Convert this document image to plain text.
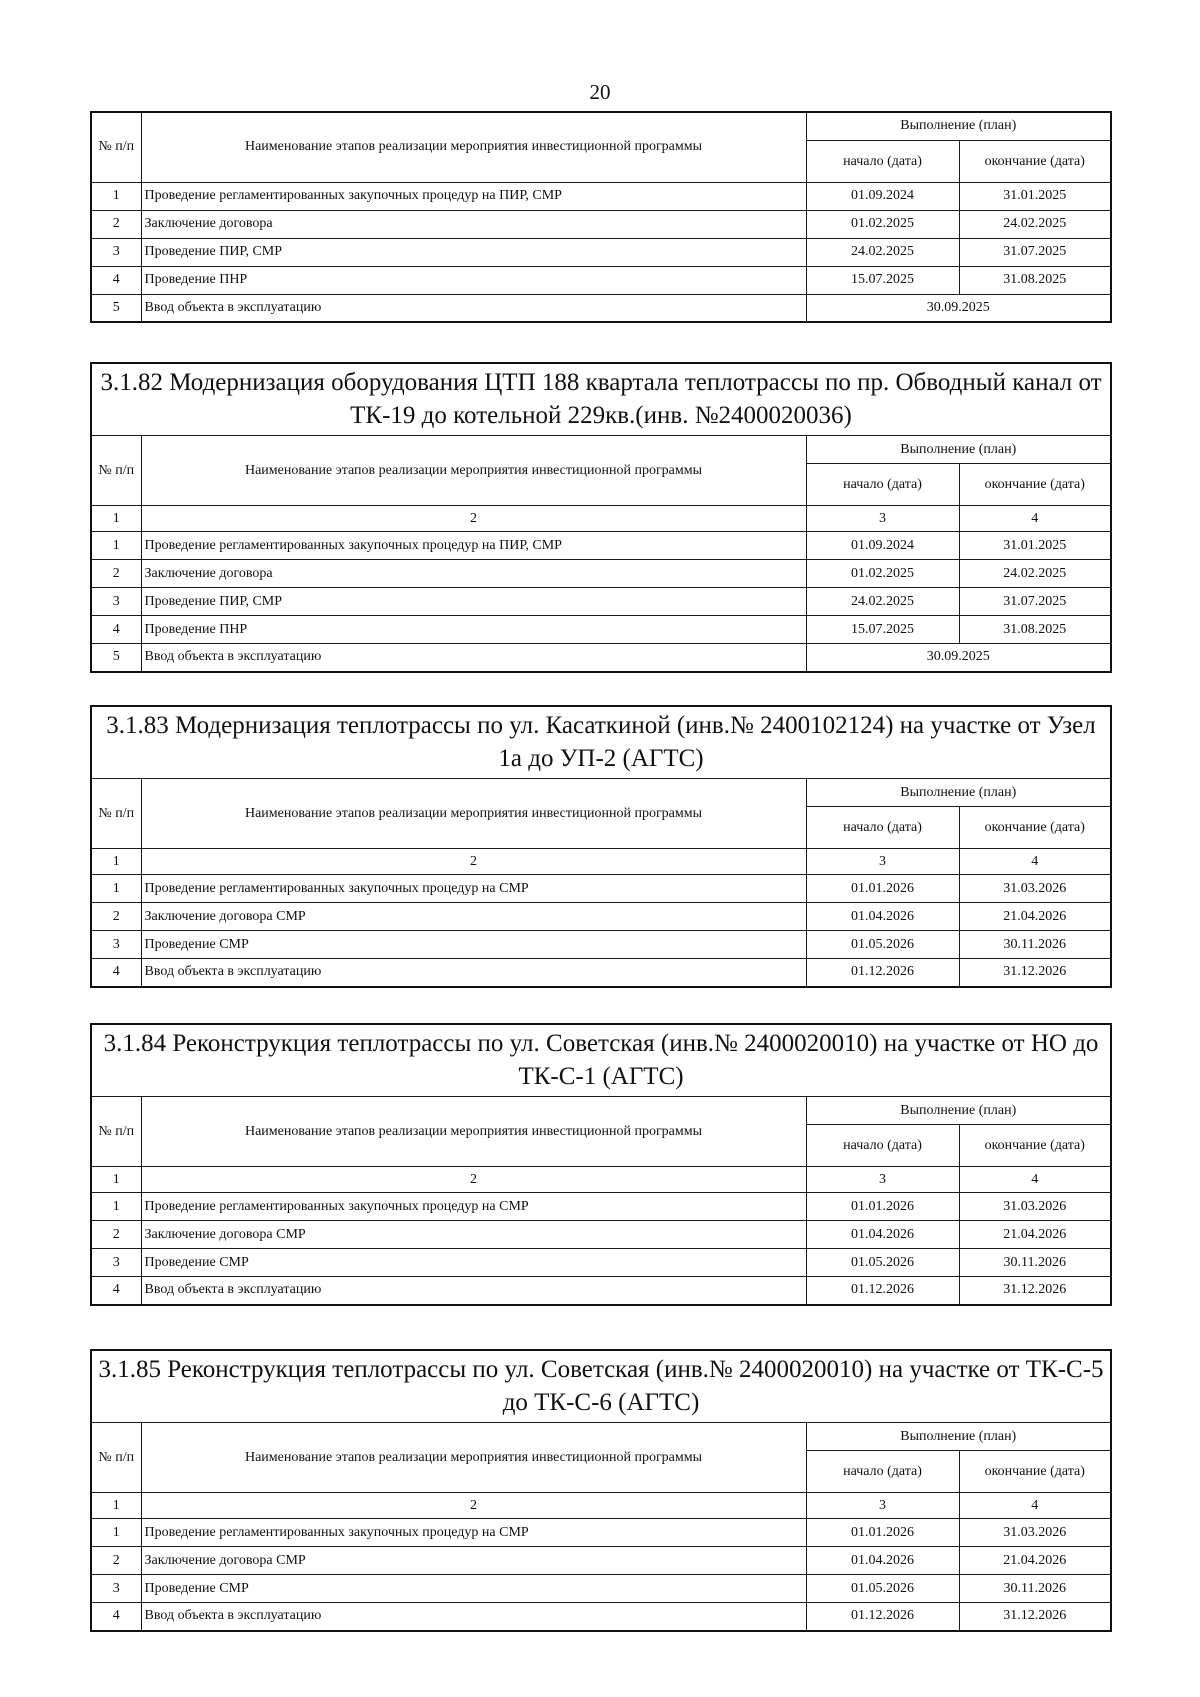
20
№ п/п	Наименование этапов реализации мероприятия инвестиционной программы	Выполнение (план)	
		начало (дата)	окончание (дата)
1	Проведение регламентированных закупочных процедур на ПИР, СМР	01.09.2024	31.01.2025
2	Заключение договора	01.02.2025	24.02.2025
3	Проведение ПИР, СМР	24.02.2025	31.07.2025
4	Проведение ПНР	15.07.2025	31.08.2025
5	Ввод объекта в эксплуатацию	30.09.2025	
3.1.82 Модернизация оборудования ЦТП 188 квартала теплотрассы по пр. Обводный канал от ТК-19 до котельной 229кв.(инв. №2400020036)			
№ п/п	Наименование этапов реализации мероприятия инвестиционной программы	Выполнение (план)	
		начало (дата)	окончание (дата)
1	2	3	4
1	Проведение регламентированных закупочных процедур на ПИР, СМР	01.09.2024	31.01.2025
2	Заключение договора	01.02.2025	24.02.2025
3	Проведение ПИР, СМР	24.02.2025	31.07.2025
4	Проведение ПНР	15.07.2025	31.08.2025
5	Ввод объекта в эксплуатацию	30.09.2025	
3.1.83 Модернизация теплотрассы по ул. Касаткиной (инв.№ 2400102124) на участке от Узел 1а до УП-2 (АГТС)			
№ п/п	Наименование этапов реализации мероприятия инвестиционной программы	Выполнение (план)	
		начало (дата)	окончание (дата)
1	2	3	4
1	Проведение регламентированных закупочных процедур на СМР	01.01.2026	31.03.2026
2	Заключение договора СМР	01.04.2026	21.04.2026
3	Проведение СМР	01.05.2026	30.11.2026
4	Ввод объекта в эксплуатацию	01.12.2026	31.12.2026
3.1.84 Реконструкция теплотрассы по ул. Советская (инв.№ 2400020010) на участке от НО до ТК-С-1 (АГТС)			
№ п/п	Наименование этапов реализации мероприятия инвестиционной программы	Выполнение (план)	
		начало (дата)	окончание (дата)
1	2	3	4
1	Проведение регламентированных закупочных процедур на СМР	01.01.2026	31.03.2026
2	Заключение договора СМР	01.04.2026	21.04.2026
3	Проведение СМР	01.05.2026	30.11.2026
4	Ввод объекта в эксплуатацию	01.12.2026	31.12.2026
3.1.85 Реконструкция теплотрассы по ул. Советская (инв.№ 2400020010) на участке от ТК-С-5 до ТК-С-6 (АГТС)			
№ п/п	Наименование этапов реализации мероприятия инвестиционной программы	Выполнение (план)	
		начало (дата)	окончание (дата)
1	2	3	4
1	Проведение регламентированных закупочных процедур на СМР	01.01.2026	31.03.2026
2	Заключение договора СМР	01.04.2026	21.04.2026
3	Проведение СМР	01.05.2026	30.11.2026
4	Ввод объекта в эксплуатацию	01.12.2026	31.12.2026
